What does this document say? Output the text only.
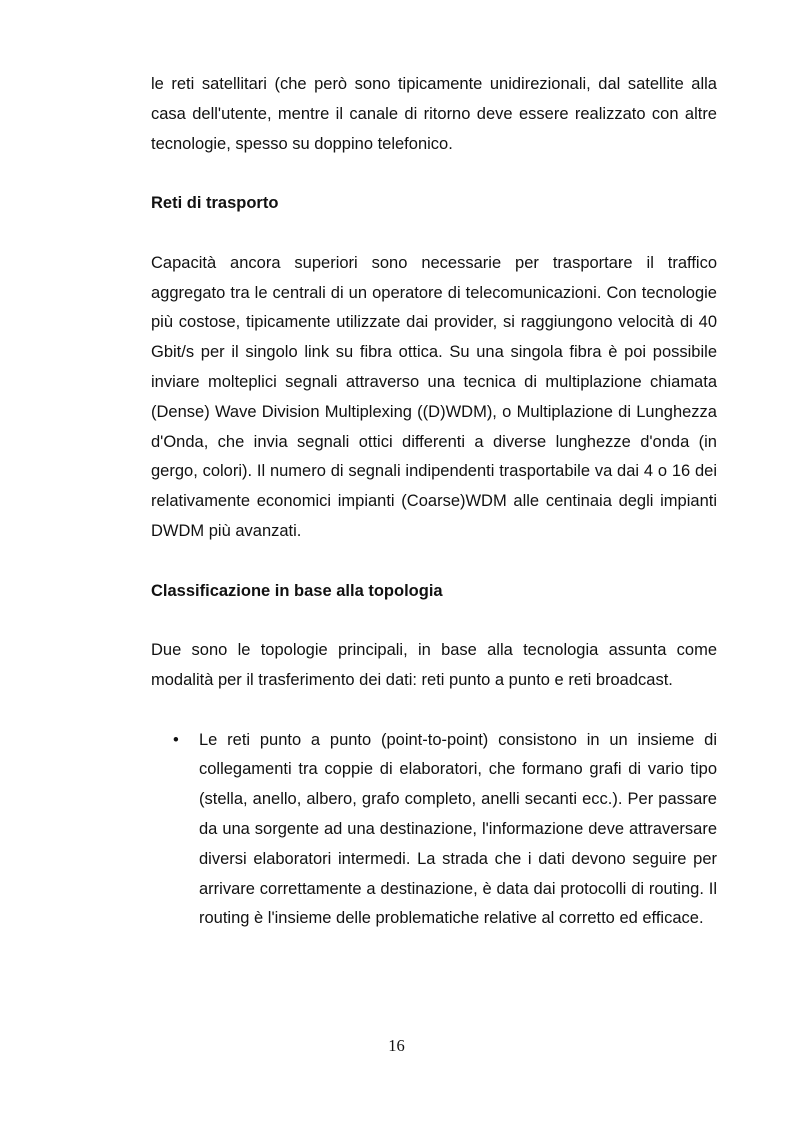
le reti satellitari (che però sono tipicamente unidirezionali, dal satellite alla casa dell'utente, mentre il canale di ritorno deve essere realizzato con altre tecnologie, spesso su doppino telefonico.

Reti di trasporto

Capacità ancora superiori sono necessarie per trasportare il traffico aggregato tra le centrali di un operatore di telecomunicazioni. Con tecnologie più costose, tipicamente utilizzate dai provider, si raggiungono velocità di 40 Gbit/s per il singolo link su fibra ottica. Su una singola fibra è poi possibile inviare molteplici segnali attraverso una tecnica di multiplazione chiamata (Dense) Wave Division Multiplexing ((D)WDM), o Multiplazione di Lunghezza d'Onda, che invia segnali ottici differenti a diverse lunghezze d'onda (in gergo, colori). Il numero di segnali indipendenti trasportabile va dai 4 o 16 dei relativamente economici impianti (Coarse)WDM alle centinaia degli impianti DWDM più avanzati.

Classificazione in base alla topologia

Due sono le topologie principali, in base alla tecnologia assunta come modalità per il trasferimento dei dati: reti punto a punto e reti broadcast.

• Le reti punto a punto (point-to-point) consistono in un insieme di collegamenti tra coppie di elaboratori, che formano grafi di vario tipo (stella, anello, albero, grafo completo, anelli secanti ecc.). Per passare da una sorgente ad una destinazione, l'informazione deve attraversare diversi elaboratori intermedi. La strada che i dati devono seguire per arrivare correttamente a destinazione, è data dai protocolli di routing. Il routing è l'insieme delle problematiche relative al corretto ed efficace.

16
